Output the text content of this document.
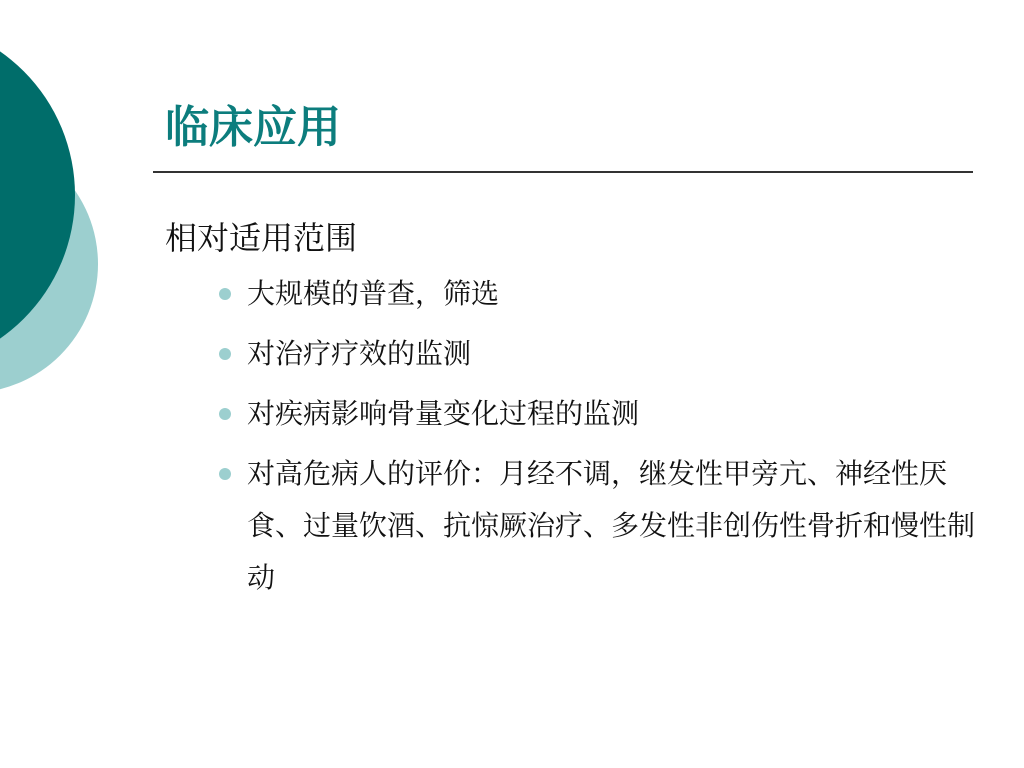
临床应用
相对适用范围
大规模的普查，筛选
对治疗疗效的监测
对疾病影响骨量变化过程的监测
对高危病人的评价：月经不调，继发性甲旁亢、神经性厌食、过量饮酒、抗惊厥治疗、多发性非创伤性骨折和慢性制动
